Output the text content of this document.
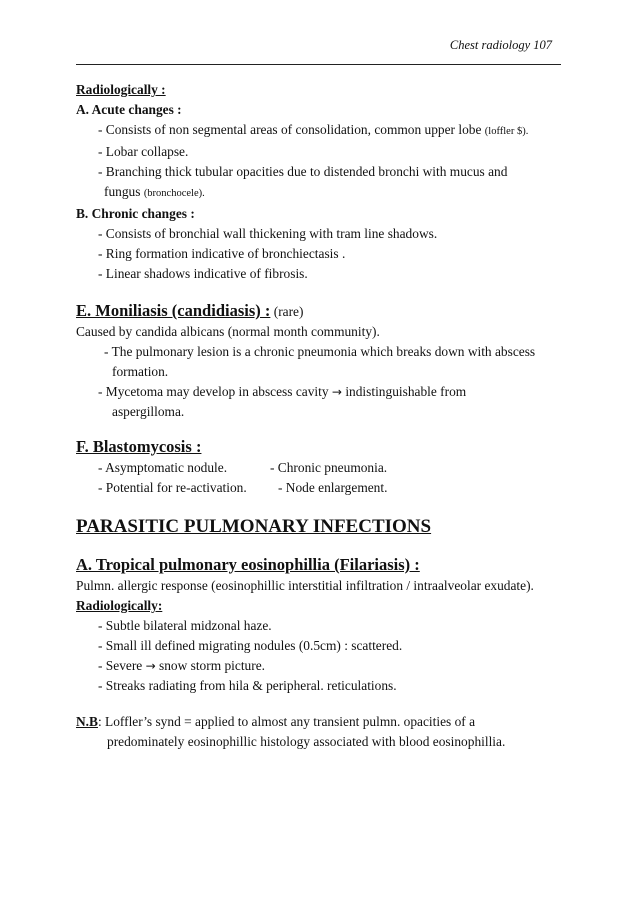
Chest radiology 107
Radiologically :
A. Acute changes :
- Consists of non segmental areas of consolidation, common upper lobe (loffler $).
- Lobar collapse.
- Branching thick tubular opacities due to distended bronchi with mucus and
fungus (bronchocele).
B. Chronic changes :
- Consists of bronchial wall thickening with tram line shadows.
- Ring formation indicative of bronchiectasis .
- Linear shadows indicative of fibrosis.
E. Moniliasis (candidiasis) : (rare)
Caused by candida albicans (normal month community).
- The pulmonary lesion is a chronic pneumonia which breaks down with abscess
formation.
- Mycetoma may develop in abscess cavity → indistinguishable from
aspergilloma.
F. Blastomycosis :
- Asymptomatic nodule.	- Chronic pneumonia.
- Potential for re-activation. - Node enlargement.
PARASITIC PULMONARY INFECTIONS
A. Tropical pulmonary eosinophillia (Filariasis) :
Pulmn. allergic response (eosinophillic interstitial infiltration / intraalveolar exudate).
Radiologically:
- Subtle bilateral midzonal haze.
- Small ill defined migrating nodules (0.5cm) : scattered.
- Severe → snow storm picture.
- Streaks radiating from hila & peripheral. reticulations.
N.B: Loffler’s synd = applied to almost any transient pulmn. opacities of a
predominately eosinophillic histology associated with blood eosinophillia.
